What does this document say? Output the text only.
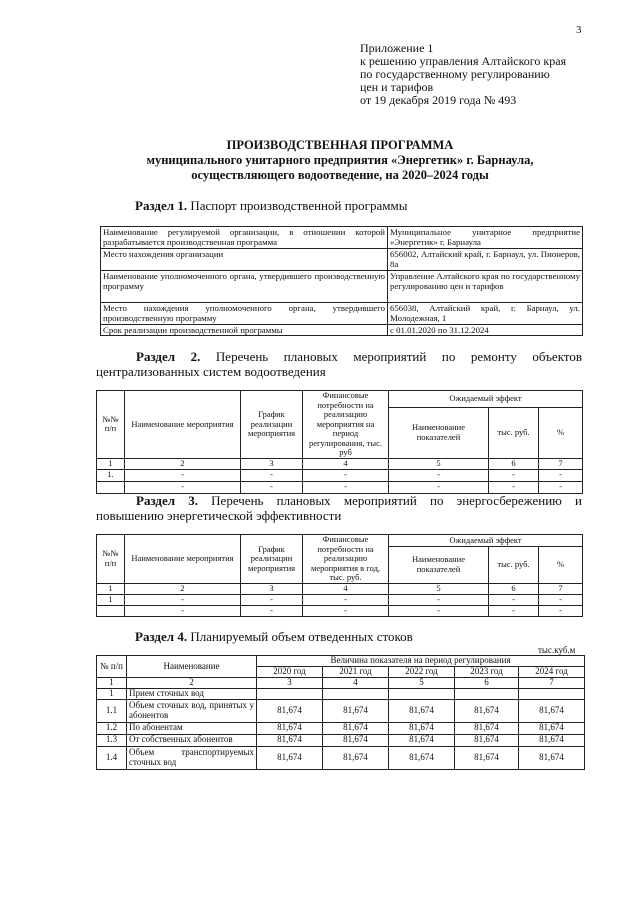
3
Приложение 1
к решению управления Алтайского края
по государственному регулированию
цен и тарифов
от 19 декабря 2019 года № 493
ПРОИЗВОДСТВЕННАЯ ПРОГРАММА
муниципального унитарного предприятия «Энергетик» г. Барнаула,
осуществляющего водоотведение, на 2020–2024 годы
Раздел 1. Паспорт производственной программы
Наименование регулируемой организации, в отношении которой разрабатывается производственная программа	Муниципальное унитарное предприятие «Энергетик» г. Барнаула
Место нахождения организации	656002, Алтайский край, г. Барнаул, ул. Пионеров, 8а
Наименование уполномоченного органа, утвердившего производственную программу	Управление Алтайского края по государственному регулированию цен и тарифов
Место нахождения уполномоченного органа, утвердившего производственную программу	656038, Алтайский край, г. Барнаул, ул. Молодежная, 1
Срок реализации производственной программы	с 01.01.2020 по 31.12.2024
Раздел 2. Перечень плановых мероприятий по ремонту объектов централизованных систем водоотведения
№№ п/п	Наименование мероприятия	График реализации мероприятия	Финансовые потребности на реализацию мероприятия на период регулирования, тыс. руб	Ожидаемый эффект		
				Наименование показателей	тыс. руб.	%
1	2	3	4	5	6	7
1.	-	-	-	-	-	-
	-	-	-	-	-	-
Раздел 3. Перечень плановых мероприятий по энергосбережению и повышению энергетической эффективности
№№ п/п	Наименование мероприятия	График реализации мероприятия	Финансовые потребности на реализацию мероприятия в год, тыс. руб.	Ожидаемый эффект		
				Наименование показателей	тыс. руб.	%
1	2	3	4	5	6	7
1	-	-	-	-	-	-
	-	-	-	-	-	-
Раздел 4. Планируемый объем отведенных стоков
тыс.куб.м
№ п/п	Наименование	Величина показателя на период регулирования				
		2020 год	2021 год	2022 год	2023 год	2024 год
1	2	3	4	5	6	7
1	Прием сточных вод					
1.1	Объем сточных вод, принятых у абонентов	81,674	81,674	81,674	81,674	81,674
1.2	По абонентам	81,674	81,674	81,674	81,674	81,674
1.3	От собственных абонентов	81,674	81,674	81,674	81,674	81,674
1.4	Объем транспортируемых сточных вод	81,674	81,674	81,674	81,674	81,674
